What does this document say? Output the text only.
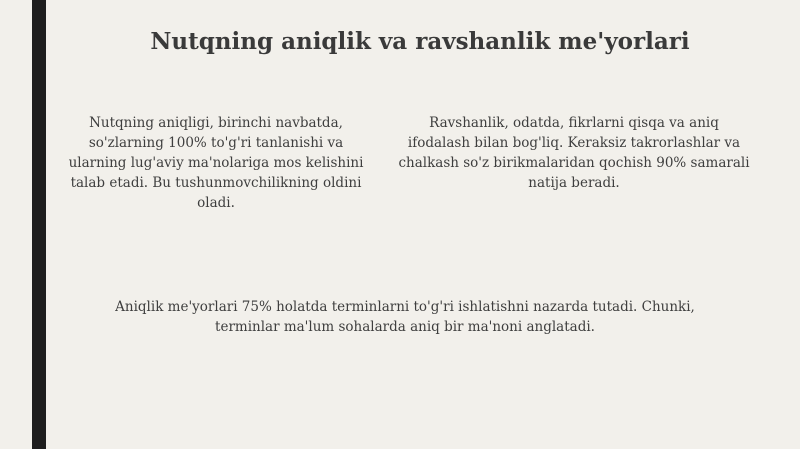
Nutqning aniqlik va ravshanlik me'yorlari
Nutqning aniqligi, birinchi navbatda, so'zlarning 100% to'g'ri tanlanishi va ularning lug'aviy ma'nolariga mos kelishini talab etadi. Bu tushunmovchilikning oldini oladi.
Ravshanlik, odatda, fikrlarni qisqa va aniq ifodalash bilan bog'liq. Keraksiz takrorlashlar va chalkash so'z birikmalaridan qochish 90% samarali natija beradi.
Aniqlik me'yorlari 75% holatda terminlarni to'g'ri ishlatishni nazarda tutadi. Chunki, terminlar ma'lum sohalarda aniq bir ma'noni anglatadi.
